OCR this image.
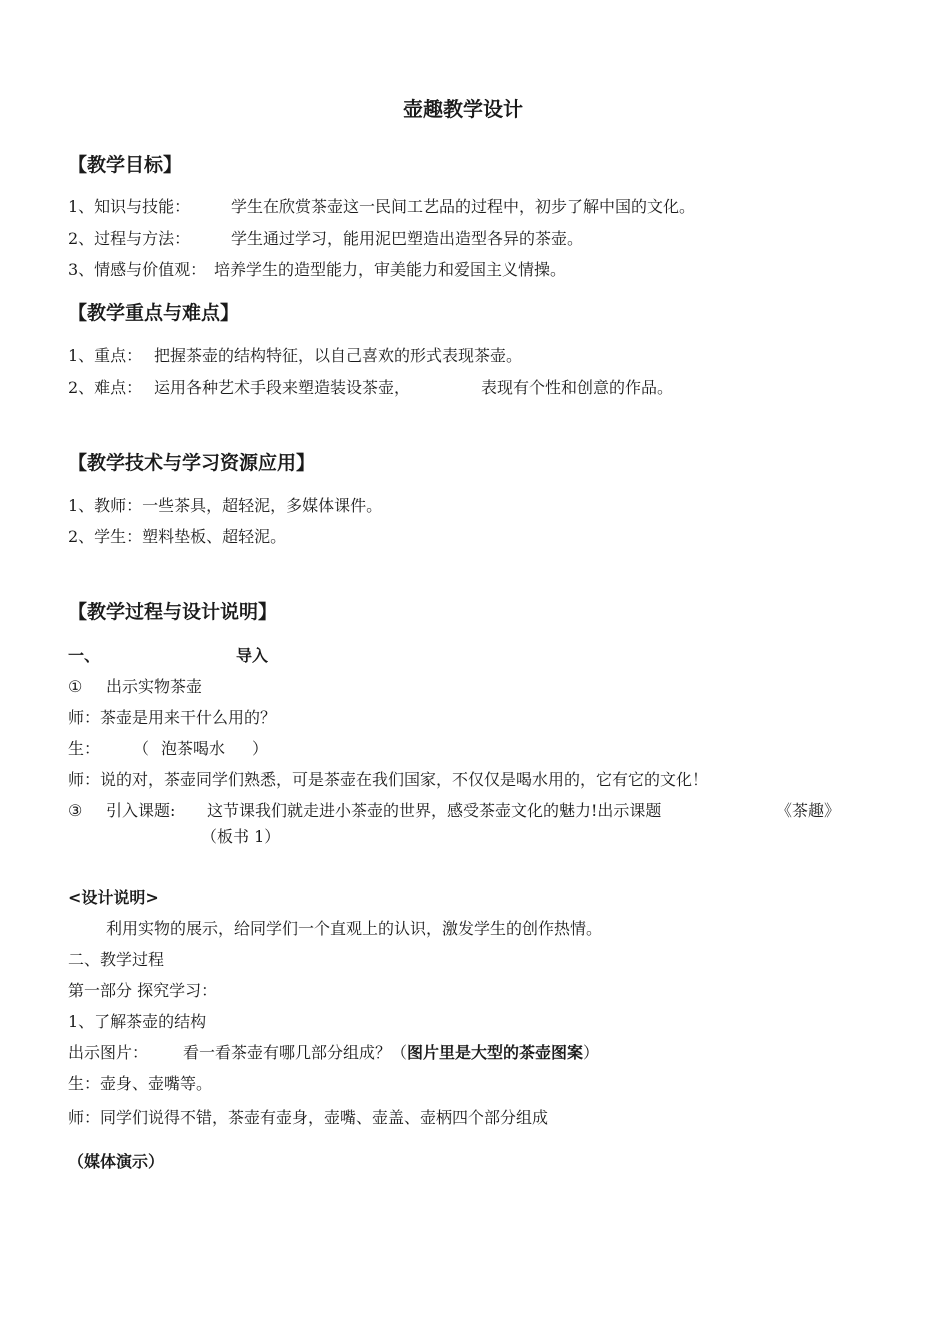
壶趣教学设计
【教学目标】
1、知识与技能：	学生在欣赏茶壶这一民间工艺品的过程中，初步了解中国的文化。
2、过程与方法：	学生通过学习，能用泥巴塑造出造型各异的茶壶。
3、情感与价值观： 培养学生的造型能力，审美能力和爱国主义情操。
【教学重点与难点】
1、重点： 把握茶壶的结构特征，以自己喜欢的形式表现茶壶。
2、难点： 运用各种艺术手段来塑造装设茶壶，	表现有个性和创意的作品。
【教学技术与学习资源应用】
1、教师：一些茶具，超轻泥，多媒体课件。
2、学生：塑料垫板、超轻泥。
【教学过程与设计说明】
一、	导入
① 出示实物茶壶
师：茶壶是用来干什么用的？
生： （ 泡茶喝水 ）
师：说的对，茶壶同学们熟悉，可是茶壶在我们国家，不仅仅是喝水用的，它有它的文化！
③ 引入课题: 这节课我们就走进小茶壶的世界，感受茶壶文化的魅力!出示课题	《茶趣》
（板书 1）
<设计说明>
利用实物的展示，给同学们一个直观上的认识，激发学生的创作热情。
二、教学过程
第一部分 探究学习：
1、了解茶壶的结构
出示图片： 看一看茶壶有哪几部分组成？（图片里是大型的茶壶图案）
生：壶身、壶嘴等。
师：同学们说得不错，茶壶有壶身，壶嘴、壶盖、壶柄四个部分组成
（媒体演示）
